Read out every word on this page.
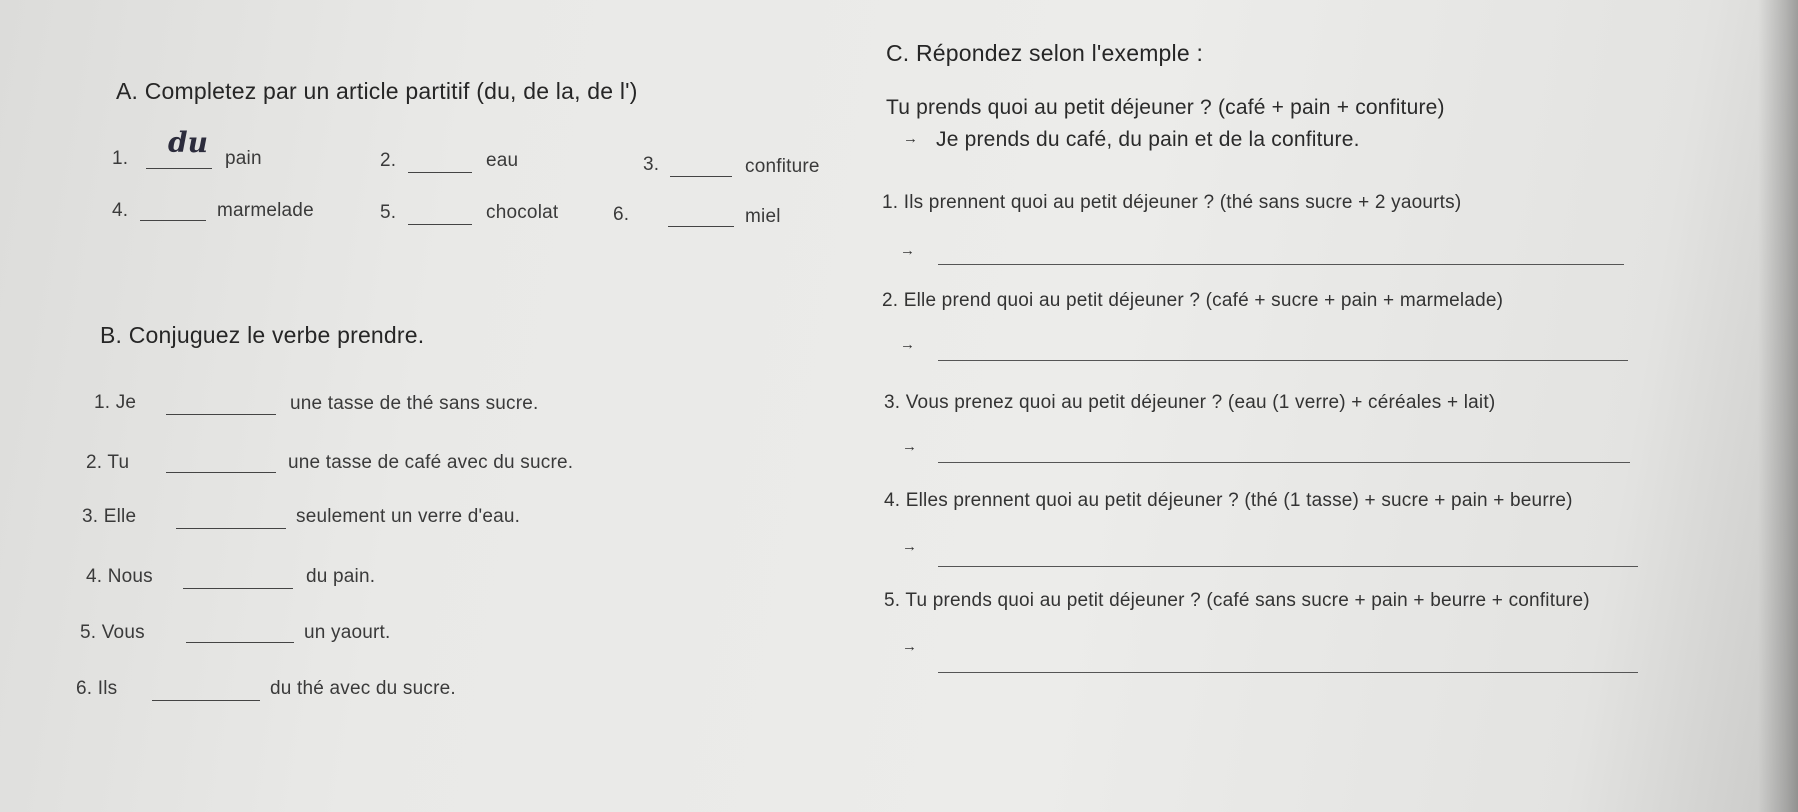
A. Completez par un article partitif (du, de la, de l')
1. du pain	2.	eau	3.	confiture
4.	marmelade	5.	chocolat	6.	miel
B. Conjuguez le verbe prendre.
1. Je	une tasse de thé sans sucre.
2. Tu	une tasse de café avec du sucre.
3. Elle	seulement un verre d'eau.
4. Nous	du pain.
5. Vous	un yaourt.
6. Ils	du thé avec du sucre.
C. Répondez selon l'exemple :
Tu prends quoi au petit déjeuner ? (café + pain + confiture)
→ Je prends du café, du pain et de la confiture.
1. Ils prennent quoi au petit déjeuner ? (thé sans sucre + 2 yaourts)
→
2. Elle prend quoi au petit déjeuner ? (café + sucre + pain + marmelade)
→
3. Vous prenez quoi au petit déjeuner ? (eau (1 verre) + céréales + lait)
→
4. Elles prennent quoi au petit déjeuner ? (thé (1 tasse) + sucre + pain + beurre)
→
5. Tu prends quoi au petit déjeuner ? (café sans sucre + pain + beurre + confiture)
→
